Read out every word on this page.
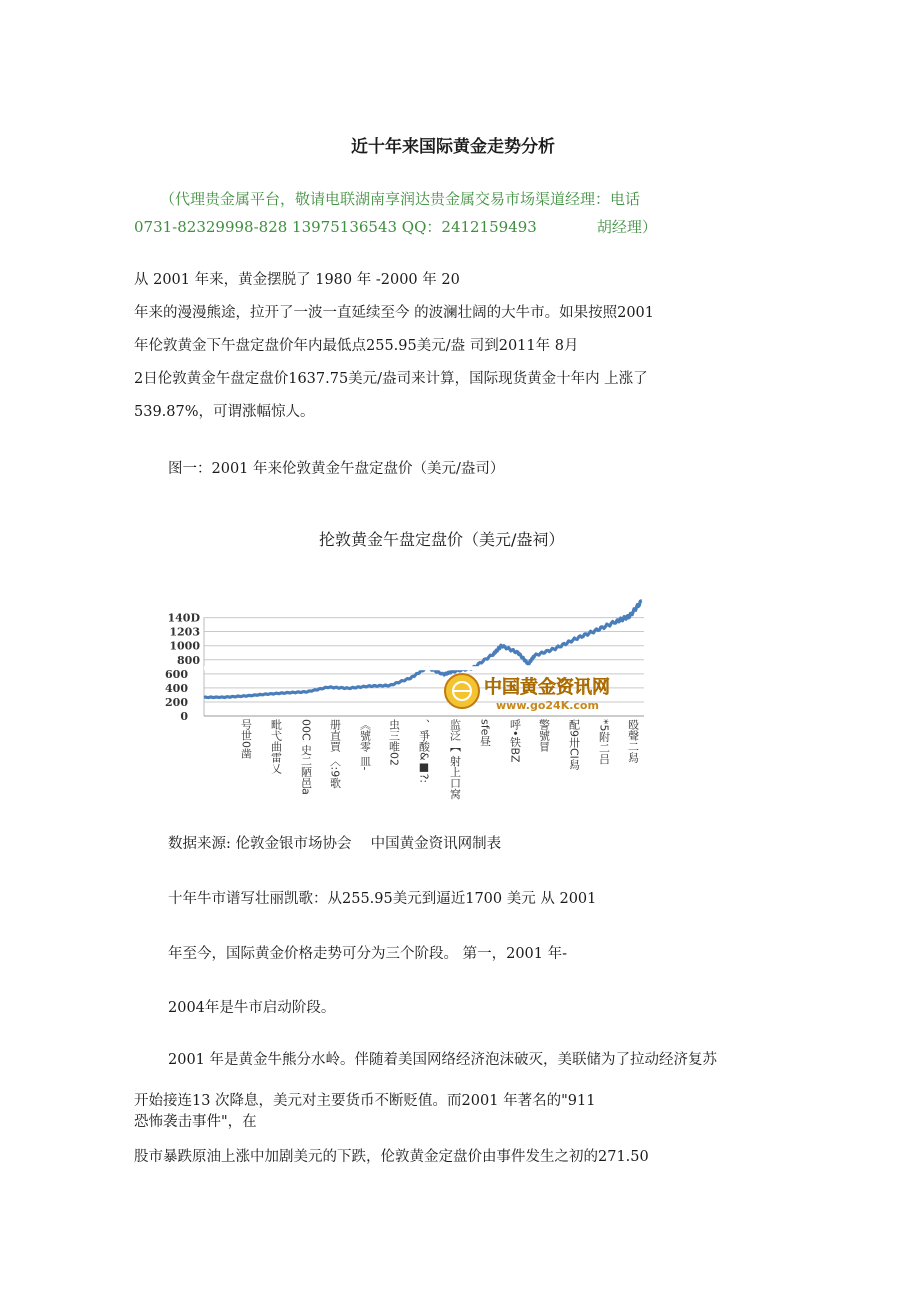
近十年来国际黄金走势分析
（代理贵金属平台，敬请电联湖南享润达贵金属交易市场渠道经理：电话
0731-82329998-828 13975136543 QQ：2412159493　　　　胡经理）
从 2001 年来，黄金摆脱了 1980 年 -2000 年 20
年来的漫漫熊途，拉开了一波一直延续至今 的波澜壮阔的大牛市。如果按照2001
年伦敦黄金下午盘定盘价年内最低点255.95美元/盎 司到2011年 8月
2日伦敦黄金午盘定盘价1637.75美元/盎司来计算，国际现货黄金十年内 上涨了
539.87%，可谓涨幅惊人。
图一：2001 年来伦敦黄金午盘定盘价（美元/盎司）
抡敦黄金午盘定盘价（美元/盎祠）
140D
1203
1000
800
600
400
200
0
中国黄金资讯网
www.go24K.com
号世0凿 毗弋曲雷乂 00C 史二陋邑a 册直買 〈:9歌 《號零 皿- 虫三唯02 、爭酸&■?: 监泛【 射上口窝 sfe昼 呼•铁BZ 警號冒 配9卅Cl舄 *5附二吕 殴聲二舄
数据来源: 伦敦金银市场协会　 中国黄金资讯网制表
十年牛市谱写壮丽凯歌：从255.95美元到逼近1700 美元 从 2001
年至今，国际黄金价格走势可分为三个阶段。 第一，2001 年-
2004年是牛市启动阶段。
2001 年是黄金牛熊分水岭。伴随着美国网络经济泡沫破灭，美联储为了拉动经济复苏
开始接连13 次降息，美元对主要货币不断贬值。而2001 年著名的"911
恐怖袭击事件"，在
股市暴跌原油上涨中加剧美元的下跌，伦敦黄金定盘价由事件发生之初的271.50
